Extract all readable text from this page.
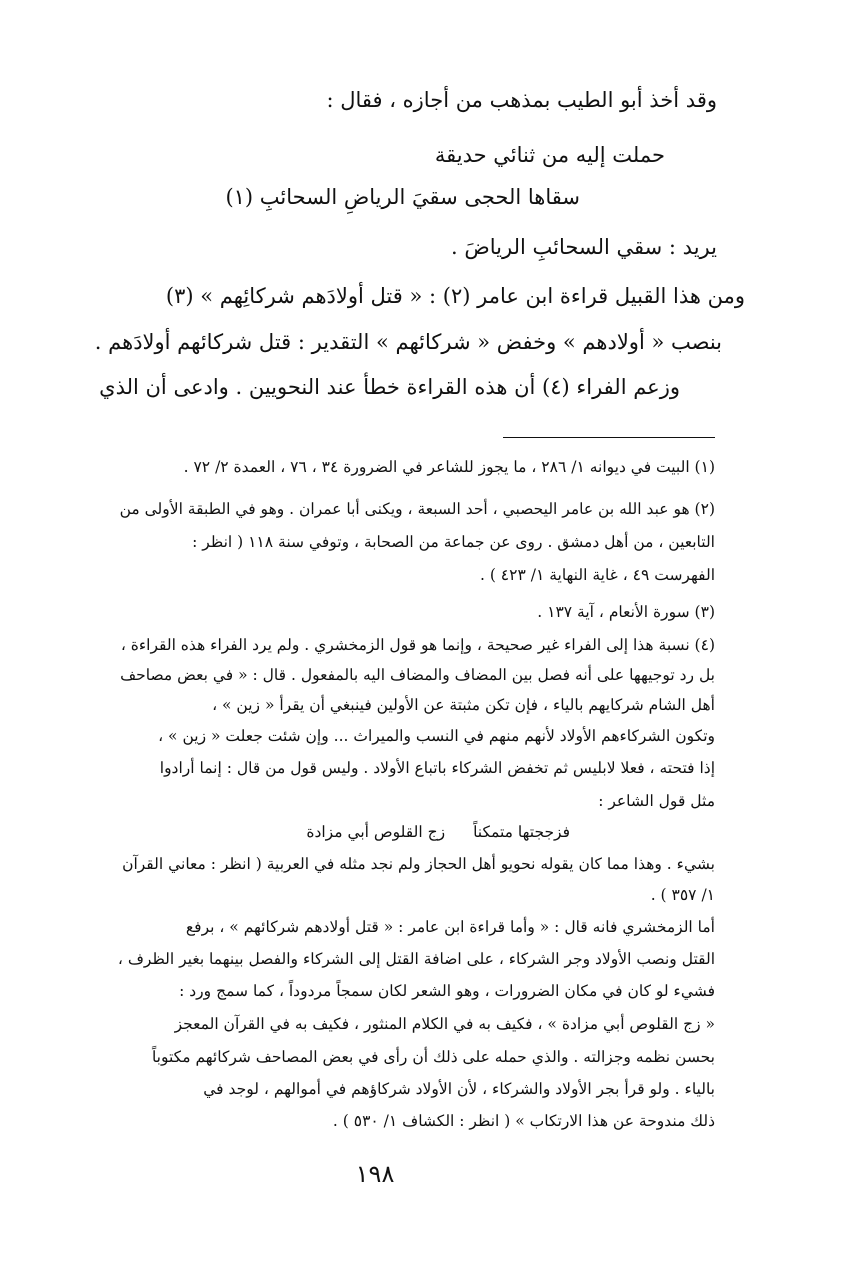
وقد أخذ أبو الطيب بمذهب من أجازه ، فقال :
حملت إليه من ثنائي حديقة
سقاها الحجى سقيَ الرياضِ السحائبِ (١)
يريد : سقي السحائبِ الرياضَ .
ومن هذا القبيل قراءة ابن عامر (٢) : « قتل أولادَهم شركائِهم » (٣)
بنصب « أولادهم » وخفض « شركائهم » التقدير : قتل شركائهم أولادَهم .
وزعم الفراء (٤) أن هذه القراءة خطأ عند النحويين . وادعى أن الذي
(١) البيت في ديوانه ١/ ٢٨٦ ، ما يجوز للشاعر في الضرورة ٣٤ ، ٧٦ ، العمدة ٢/ ٧٢ .
(٢) هو عبد الله بن عامر اليحصبي ، أحد السبعة ، ويكنى أبا عمران . وهو في الطبقة الأولى من
التابعين ، من أهل دمشق . روى عن جماعة من الصحابة ، وتوفي سنة ١١٨ ( انظر :
الفهرست ٤٩ ، غاية النهاية ١/ ٤٢٣ ) .
(٣) سورة الأنعام ، آية ١٣٧ .
(٤) نسبة هذا إلى الفراء غير صحيحة ، وإنما هو قول الزمخشري . ولم يرد الفراء هذه القراءة ،
بل رد توجيهها على أنه فصل بين المضاف والمضاف اليه بالمفعول . قال : « في بعض مصاحف
أهل الشام شركايهم بالياء ، فإن تكن مثبتة عن الأولين فينبغي أن يقرأ « زين » ،
وتكون الشركاءهم الأولاد لأنهم منهم في النسب والميراث ... وإن شئت جعلت « زين » ،
إذا فتحته ، فعلا لابليس ثم تخفض الشركاء باتباع الأولاد . وليس قول من قال : إنما أرادوا
مثل قول الشاعر :
فزججتها متمكناًزج القلوص أبي مزادة
بشيء . وهذا مما كان يقوله نحويو أهل الحجاز ولم نجد مثله في العربية ( انظر : معاني القرآن
١/ ٣٥٧ ) .
أما الزمخشري فانه قال : « وأما قراءة ابن عامر : « قتل أولادهم شركائهم » ، برفع
القتل ونصب الأولاد وجر الشركاء ، على اضافة القتل إلى الشركاء والفصل بينهما بغير الظرف ،
فشيء لو كان في مكان الضرورات ، وهو الشعر لكان سمجاً مردوداً ، كما سمج ورد :
« زج القلوص أبي مزادة » ، فكيف به في الكلام المنثور ، فكيف به في القرآن المعجز
بحسن نظمه وجزالته . والذي حمله على ذلك أن رأى في بعض المصاحف شركائهم مكتوباً
بالياء . ولو قرأ بجر الأولاد والشركاء ، لأن الأولاد شركاؤهم في أموالهم ، لوجد في
ذلك مندوحة عن هذا الارتكاب » ( انظر : الكشاف ١/ ٥٣٠ ) .
١٩٨
